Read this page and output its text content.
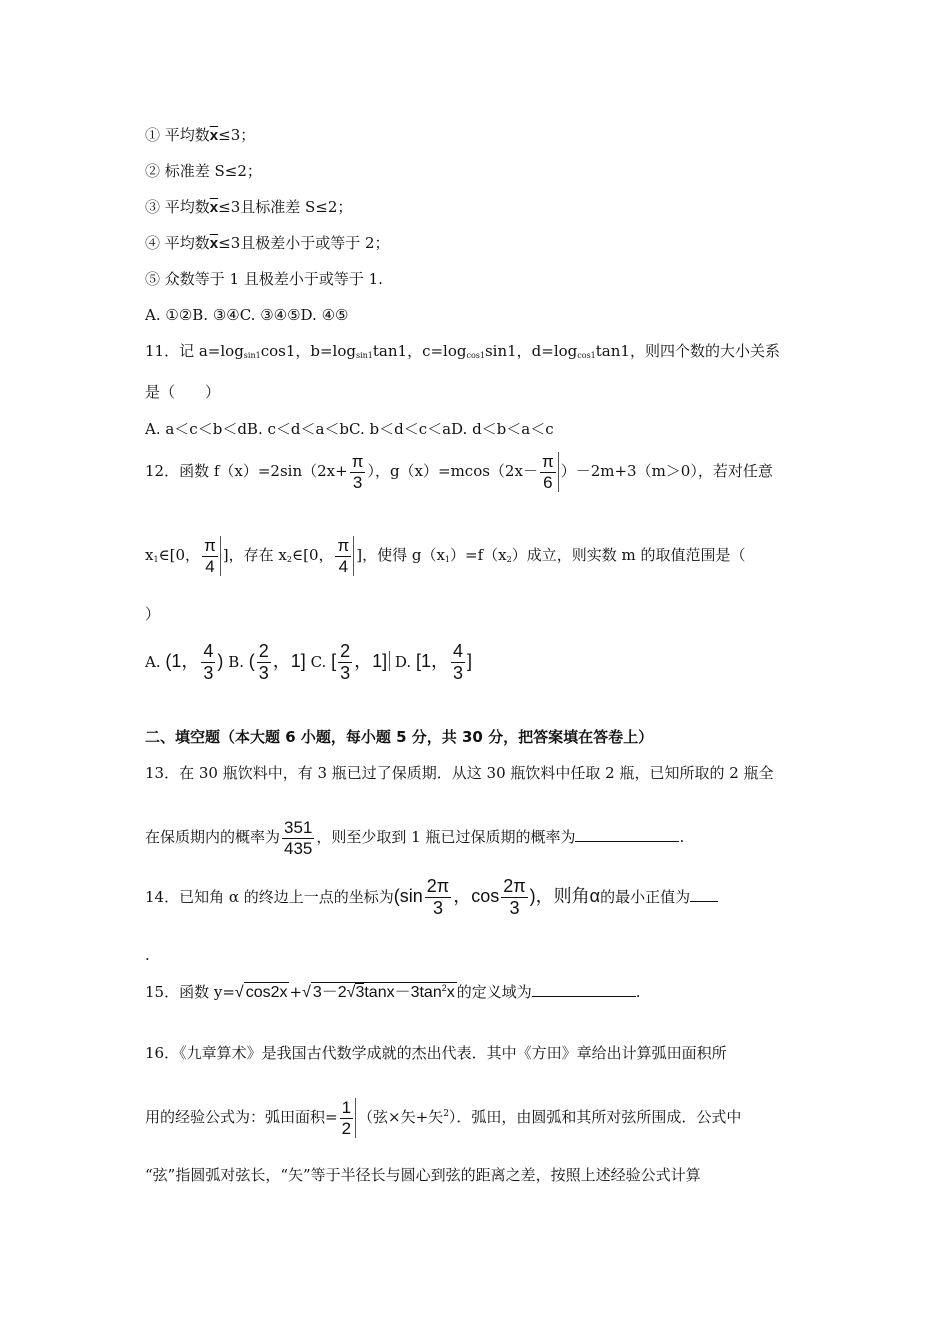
① 平均数$\overline{x}\le 3$；
② 标准差 S≤2；
③ 平均数$\overline{x}\le 3$且标准差 S≤2；
④ 平均数$\overline{x}\le 3$且极差小于或等于 2；
⑤ 众数等于 1 且极差小于或等于 1.
A. ①②B. ③④C. ③④⑤D. ④⑤
11．记 $a=\log_{sin1}\cos 1$，$b=\log_{sin1}\tan 1$，$c=\log_{cos1}\sin 1$，$d=\log_{cos1}\tan 1$，则四个数的大小关系
是（　　）
A. a＜c＜b＜dB. c＜d＜a＜bC. b＜d＜c＜aD. d＜b＜a＜c
12．函数 $f(x)=2\sin(2x+ \frac{\pi}{3}$ ），$g(x)=mcos(2x- \frac{\pi}{6} )-2m+3(m>0)$，若对任意
$x_1\in[0$， $\frac{\pi}{4}$ ]，存在 $x_2\in[0$， $\frac{\pi}{4}$ ]，使得 $g(x_1)=f(x_2)$成立，则实数 m 的取值范围是（
）
A. (1， $\frac{4}{3}$ ) B. ( $\frac{2}{3}$ ，1] C. [ $\frac{2}{3}$ ，1] D. [1， $\frac{4}{3}$ ]
二、填空题（本大题 6 小题，每小题 5 分，共 30 分，把答案填在答卷上）
13．在 30 瓶饮料中，有 3 瓶已过了保质期．从这 30 瓶饮料中任取 2 瓶，已知所取的 2 瓶全
在保质期内的概率为 $\frac{351}{435}$ ，则至少取到 1 瓶已过保质期的概率为	.
14．已知角 α 的终边上一点的坐标为($\sin \frac{2\pi}{3}$ ，$\cos \frac{2\pi}{3}$ )，则角α的最小正值为
.
15．函数 y=√ cos2x +√ $3-2√3\tan x-3\tan^2x$ 的定义域为	.
16．《九章算术》是我国古代数学成就的杰出代表．其中《方田》章给出计算弧田面积所
用的经验公式为：弧田面积= $\frac{1}{2}$ （弦×矢+矢$^2$）．弧田，由圆弧和其所对弦所围成．公式中
“弦”指圆弧对弦长，“矢”等于半径长与圆心到弦的距离之差，按照上述经验公式计算
